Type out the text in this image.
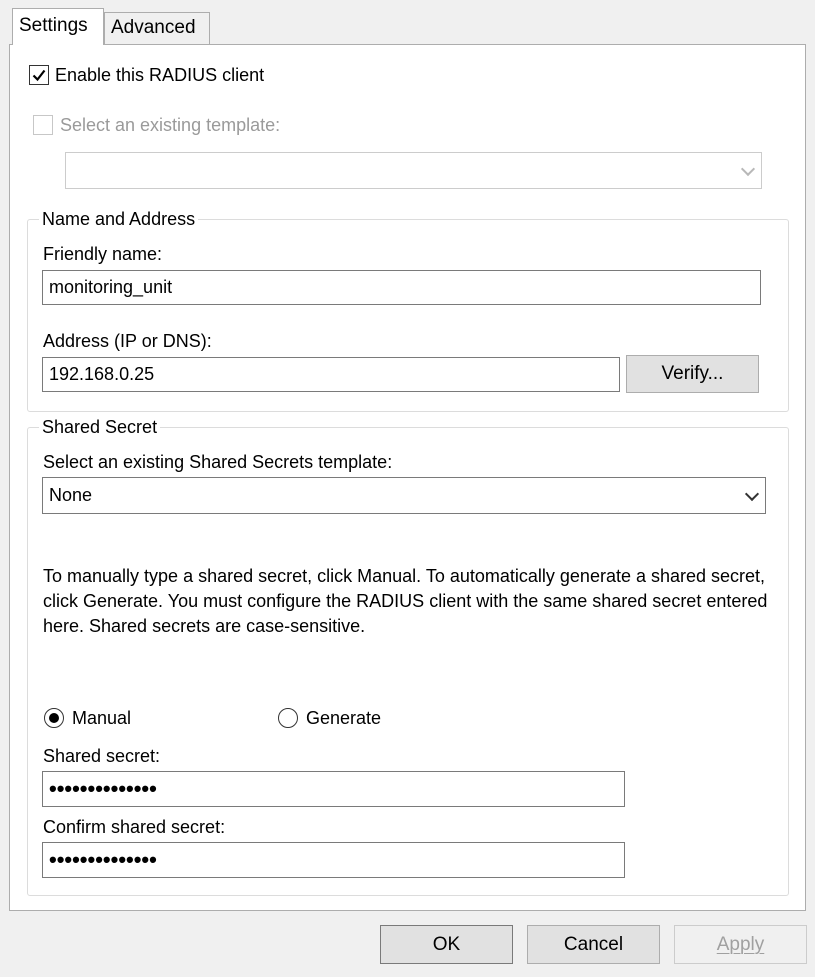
Settings	Advanced
Enable this RADIUS client
Select an existing template:
Name and Address
Friendly name:
monitoring_unit
Address (IP or DNS):
192.168.0.25	Verify...
Shared Secret
Select an existing Shared Secrets template:
None
To manually type a shared secret, click Manual. To automatically generate a shared secret, click Generate. You must configure the RADIUS client with the same shared secret entered here. Shared secrets are case-sensitive.
Manual	Generate
Shared secret:
••••••••••••••
Confirm shared secret:
••••••••••••••
OK	Cancel	Apply
